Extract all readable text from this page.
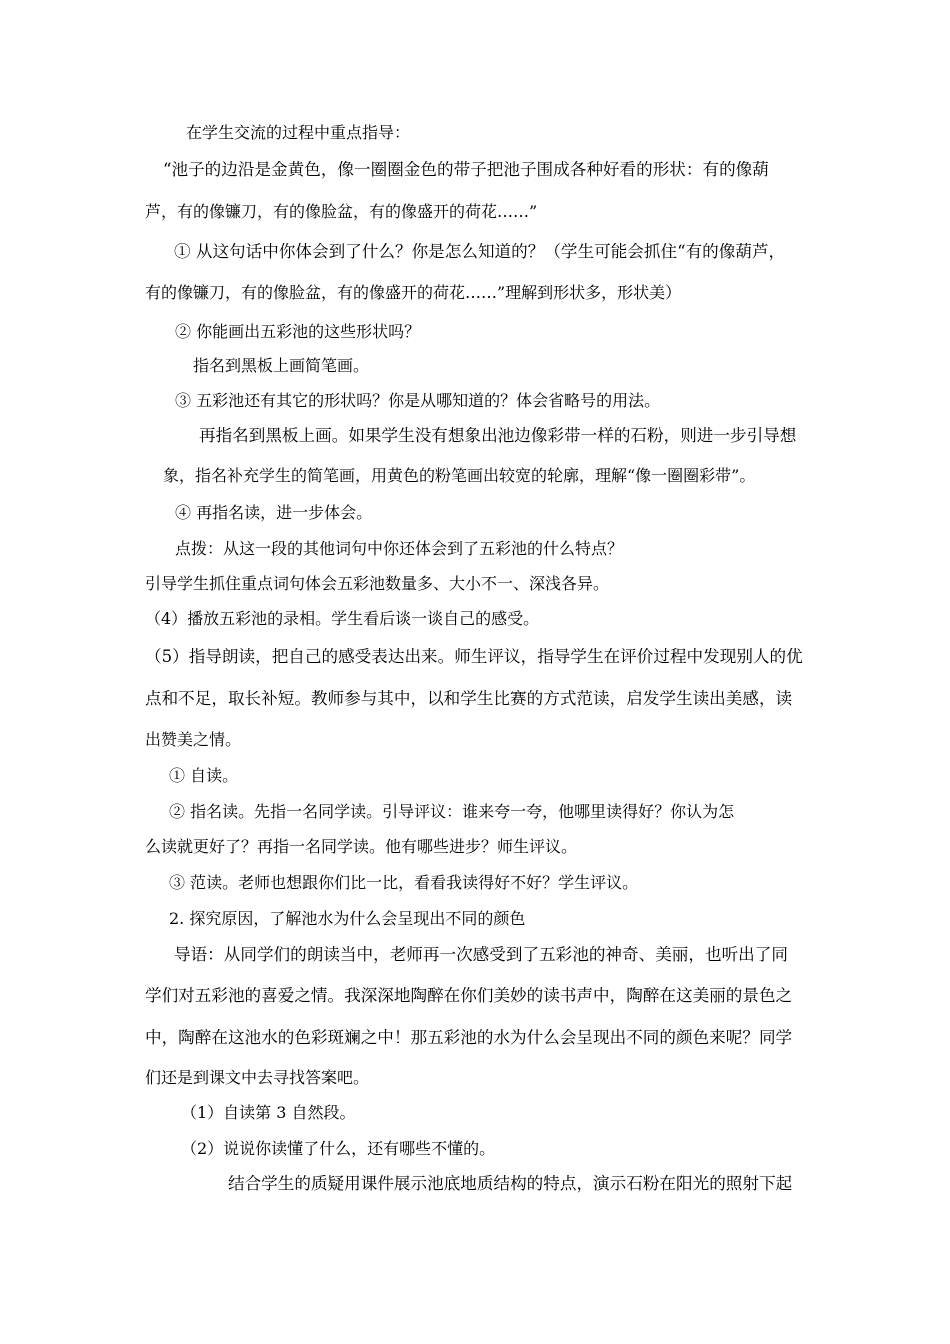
在学生交流的过程中重点指导：
“池子的边沿是金黄色，像一圈圈金色的带子把池子围成各种好看的形状：有的像葫
芦，有的像镰刀，有的像脸盆，有的像盛开的荷花……”
① 从这句话中你体会到了什么？你是怎么知道的？（学生可能会抓住“有的像葫芦，
有的像镰刀，有的像脸盆，有的像盛开的荷花……”理解到形状多，形状美）
② 你能画出五彩池的这些形状吗？
指名到黑板上画简笔画。
③ 五彩池还有其它的形状吗？你是从哪知道的？体会省略号的用法。
再指名到黑板上画。如果学生没有想象出池边像彩带一样的石粉，则进一步引导想
象，指名补充学生的简笔画，用黄色的粉笔画出较宽的轮廓，理解“像一圈圈彩带”。
④ 再指名读，进一步体会。
点拨：从这一段的其他词句中你还体会到了五彩池的什么特点？
引导学生抓住重点词句体会五彩池数量多、大小不一、深浅各异。
（4）播放五彩池的录相。学生看后谈一谈自己的感受。
（5）指导朗读，把自己的感受表达出来。师生评议，指导学生在评价过程中发现别人的优
点和不足，取长补短。教师参与其中，以和学生比赛的方式范读，启发学生读出美感，读
出赞美之情。
① 自读。
② 指名读。先指一名同学读。引导评议：谁来夸一夸，他哪里读得好？你认为怎
么读就更好了？再指一名同学读。他有哪些进步？师生评议。
③ 范读。老师也想跟你们比一比，看看我读得好不好？学生评议。
2. 探究原因，了解池水为什么会呈现出不同的颜色
导语：从同学们的朗读当中，老师再一次感受到了五彩池的神奇、美丽，也听出了同
学们对五彩池的喜爱之情。我深深地陶醉在你们美妙的读书声中，陶醉在这美丽的景色之
中，陶醉在这池水的色彩斑斓之中！那五彩池的水为什么会呈现出不同的颜色来呢？同学
们还是到课文中去寻找答案吧。
（1）自读第 3 自然段。
（2）说说你读懂了什么，还有哪些不懂的。
结合学生的质疑用课件展示池底地质结构的特点，演示石粉在阳光的照射下起
